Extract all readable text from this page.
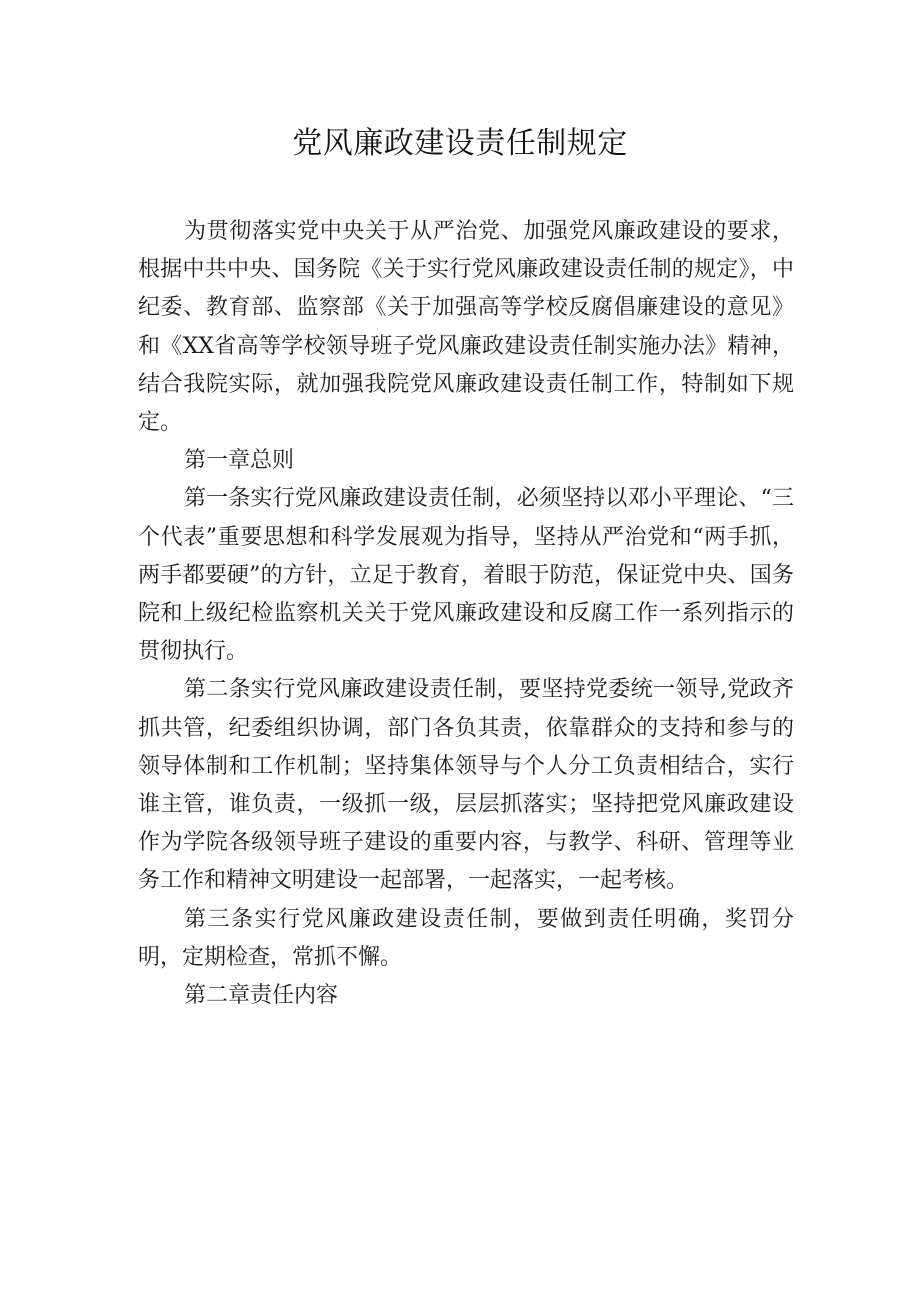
党风廉政建设责任制规定

为贯彻落实党中央关于从严治党、加强党风廉政建设的要求，根据中共中央、国务院《关于实行党风廉政建设责任制的规定》，中纪委、教育部、监察部《关于加强高等学校反腐倡廉建设的意见》和《XX省高等学校领导班子党风廉政建设责任制实施办法》精神，结合我院实际，就加强我院党风廉政建设责任制工作，特制如下规定。

第一章总则

第一条实行党风廉政建设责任制，必须坚持以邓小平理论、“三个代表”重要思想和科学发展观为指导，坚持从严治党和“两手抓，两手都要硬”的方针，立足于教育，着眼于防范，保证党中央、国务院和上级纪检监察机关关于党风廉政建设和反腐工作一系列指示的贯彻执行。

第二条实行党风廉政建设责任制，要坚持党委统一领导,党政齐抓共管，纪委组织协调，部门各负其责，依靠群众的支持和参与的领导体制和工作机制；坚持集体领导与个人分工负责相结合，实行谁主管，谁负责，一级抓一级，层层抓落实；坚持把党风廉政建设作为学院各级领导班子建设的重要内容，与教学、科研、管理等业务工作和精神文明建设一起部署，一起落实，一起考核。

第三条实行党风廉政建设责任制，要做到责任明确，奖罚分明，定期检查，常抓不懈。

第二章责任内容
